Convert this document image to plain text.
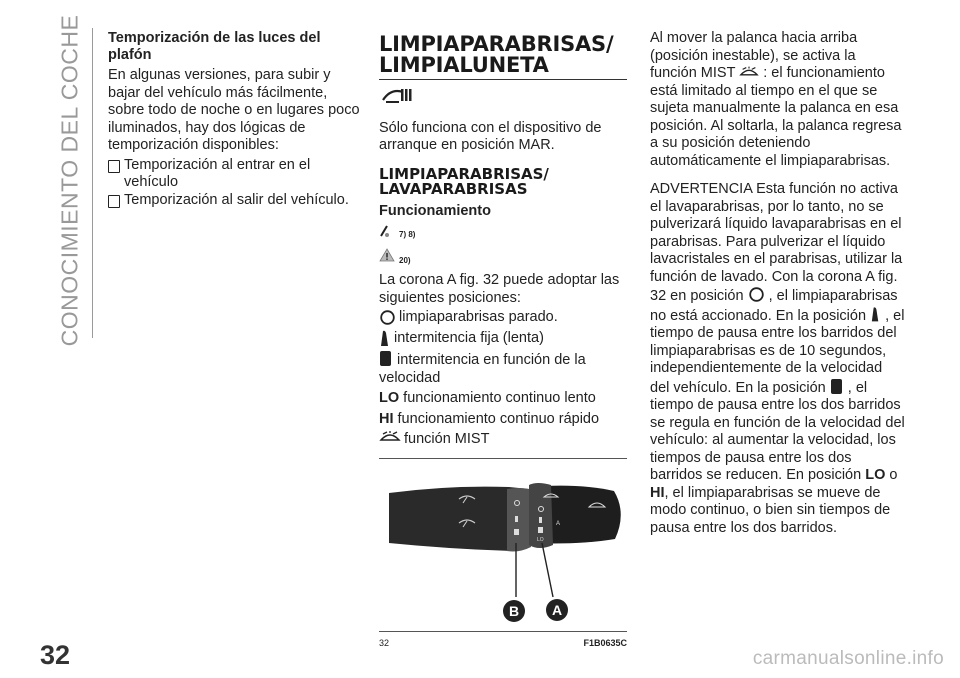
CONOCIMIENTO DEL COCHE Temporización de las luces del plafón

En algunas versiones, para subir y bajar del vehículo más fácilmente, sobre todo de noche o en lugares poco iluminados, hay dos lógicas de temporización disponibles:

Temporización al entrar en el vehículo
Temporización al salir del vehículo.
LIMPIAPARABRISAS/ LIMPIALUNETA

Sólo funciona con el dispositivo de arranque en posición MAR.

LIMPIAPARABRISAS/ LAVAPARABRISAS
Funcionamiento
7) 8)
20)

La corona A fig. 32 puede adoptar las siguientes posiciones:

limpiaparabrisas parado.
intermitencia fija (lenta)
intermitencia en función de la velocidad

LO funcionamiento continuo lento

HI funcionamiento continuo rápido

función MIST
LO
A
B A
32	F1B0635C

Al mover la palanca hacia arriba (posición inestable), se activa la función MIST : el funcionamiento está limitado al tiempo en el que se sujeta manualmente la palanca en esa posición. Al soltarla, la palanca regresa a su posición deteniendo automáticamente el limpiaparabrisas.

ADVERTENCIA Esta función no activa el lavaparabrisas, por lo tanto, no se pulverizará líquido lavaparabrisas en el parabrisas. Para pulverizar el líquido lavacristales en el parabrisas, utilizar la función de lavado. Con la corona A fig. 32 en posición , el limpiaparabrisas no está accionado. En la posición , el tiempo de pausa entre los barridos del limpiaparabrisas es de 10 segundos, independientemente de la velocidad del vehículo. En la posición , el tiempo de pausa entre los dos barridos se regula en función de la velocidad del vehículo: al aumentar la velocidad, los tiempos de pausa entre los dos barridos se reducen. En posición LO o HI, el limpiaparabrisas se mueve de modo continuo, o bien sin tiempos de pausa entre los dos barridos.

32	carmanualsonline.info
